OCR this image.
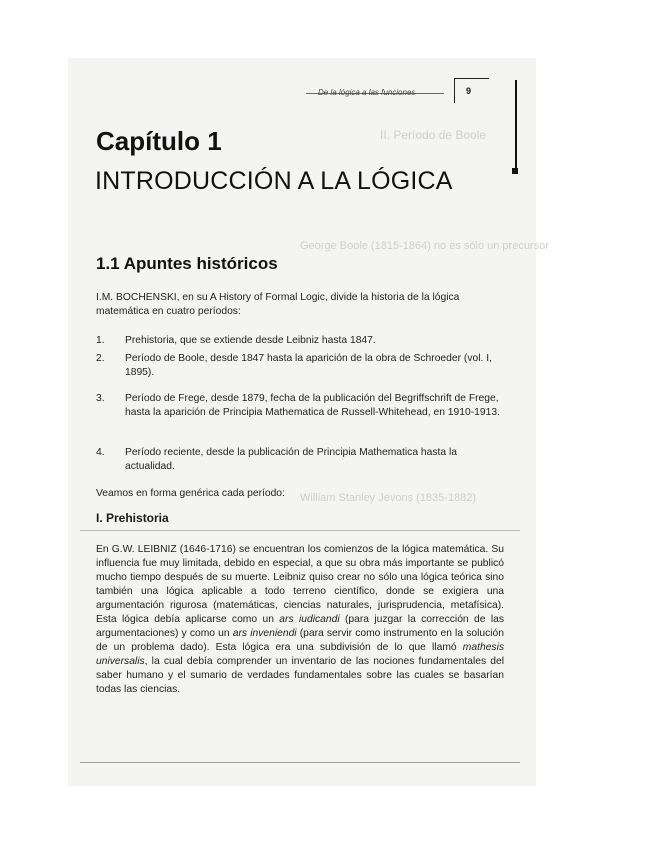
II. Período de Boole
George Boole (1815-1864) no es sólo un precursor
William Stanley Jevons (1835-1882)
De la lógica a las funciones	9
Capítulo 1
INTRODUCCIÓN A LA LÓGICA
1.1 Apuntes históricos
I.M. BOCHENSKI, en su A History of Formal Logic, divide la historia de la lógica matemática en cuatro períodos:
1. Prehistoria, que se extiende desde Leibniz hasta 1847.
2. Período de Boole, desde 1847 hasta la aparición de la obra de Schroeder (vol. I, 1895).
3. Período de Frege, desde 1879, fecha de la publicación del Begriffschrift de Frege, hasta la aparición de Principia Mathematica de Russell-Whitehead, en 1910-1913.
4. Período reciente, desde la publicación de Principia Mathematica hasta la actualidad.
Veamos en forma genérica cada período:
I. Prehistoria
En G.W. LEIBNIZ (1646-1716) se encuentran los comienzos de la lógica matemática. Su influencia fue muy limitada, debido en especial, a que su obra más importante se publicó mucho tiempo después de su muerte. Leibniz quiso crear no sólo una lógica teórica sino también una lógica aplicable a todo terreno científico, donde se exigiera una argumentación rigurosa (matemáticas, ciencias naturales, jurisprudencia, metafísica). Esta lógica debía aplicarse como un ars iudicandi (para juzgar la corrección de las argumentaciones) y como un ars inveniendi (para servir como instrumento en la solución de un problema dado). Esta lógica era una subdivisión de lo que llamó mathesis universalis, la cual debía comprender un inventario de las nociones fundamentales del saber humano y el sumario de verdades fundamentales sobre las cuales se basarían todas las ciencias.
